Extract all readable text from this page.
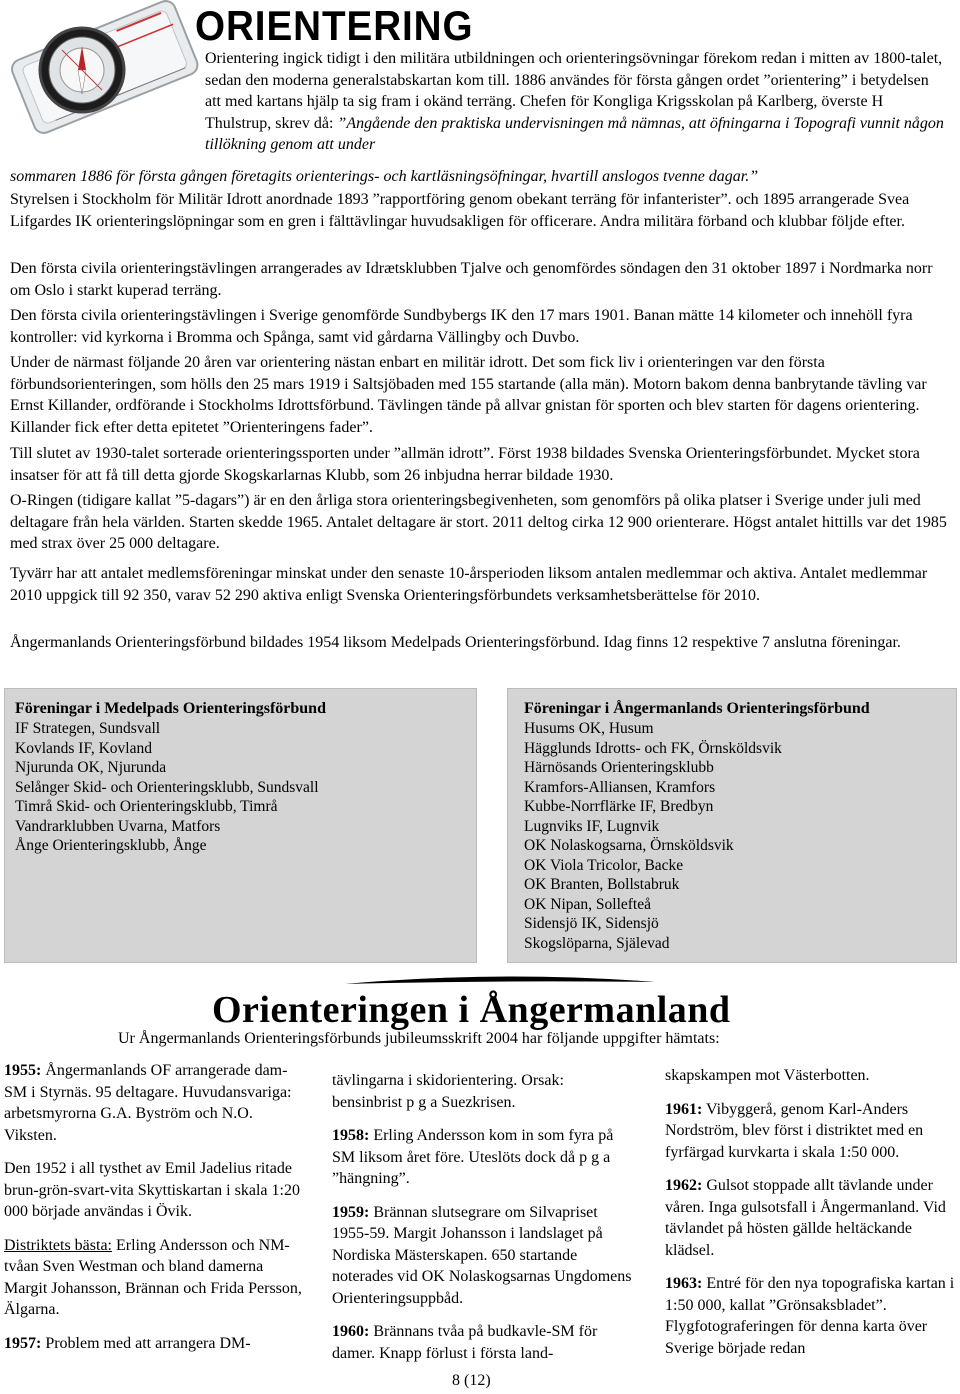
ORIENTERING

Orientering ingick tidigt i den militära utbildningen och orienteringsövningar förekom redan i mitten av 1800-talet, sedan den moderna generalstabskartan kom till. 1886 användes för första gången ordet ”orientering” i betydelsen att med kartans hjälp ta sig fram i okänd terräng. Chefen för Kongliga Krigsskolan på Karlberg, överste H Thulstrup, skrev då: ”Angående den praktiska undervisningen må nämnas, att öfningarna i Topografi vunnit någon tillökning genom att under

sommaren 1886 för första gången företagits orienterings- och kartläsningsöfningar, hvartill anslogos tvenne dagar.”

Styrelsen i Stockholm för Militär Idrott anordnade 1893 ”rapportföring genom obekant terräng för infanterister”. och 1895 arrangerade Svea Lifgardes IK orienteringslöpningar som en gren i fälttävlingar huvudsakligen för officerare. Andra militära förband och klubbar följde efter.

Den första civila orienteringstävlingen arrangerades av Idrætsklubben Tjalve och genomfördes söndagen den 31 oktober 1897 i Nordmarka norr om Oslo i starkt kuperad terräng.

Den första civila orienteringstävlingen i Sverige genomförde Sundbybergs IK den 17 mars 1901. Banan mätte 14 kilometer och innehöll fyra kontroller: vid kyrkorna i Bromma och Spånga, samt vid gårdarna Vällingby och Duvbo.

Under de närmast följande 20 åren var orientering nästan enbart en militär idrott. Det som fick liv i orienteringen var den första förbundsorienteringen, som hölls den 25 mars 1919 i Saltsjöbaden med 155 startande (alla män). Motorn bakom denna banbrytande tävling var Ernst Killander, ordförande i Stockholms Idrottsförbund. Tävlingen tände på allvar gnistan för sporten och blev starten för dagens orientering. Killander fick efter detta epitetet ”Orienteringens fader”.

Till slutet av 1930-talet sorterade orienteringssporten under ”allmän idrott”. Först 1938 bildades Svenska Orienteringsförbundet. Mycket stora insatser för att få till detta gjorde Skogskarlarnas Klubb, som 26 inbjudna herrar bildade 1930.

O-Ringen (tidigare kallat ”5-dagars”) är en den årliga stora orienteringsbegivenheten, som genomförs på olika platser i Sverige under juli med deltagare från hela världen. Starten skedde 1965. Antalet deltagare är stort. 2011 deltog cirka 12 900 orienterare. Högst antalet hittills var det 1985 med strax över 25 000 deltagare.

Tyvärr har att antalet medlemsföreningar minskat under den senaste 10-årsperioden liksom antalen medlemmar och aktiva. Antalet medlemmar 2010 uppgick till 92 350, varav 52 290 aktiva enligt Svenska Orienteringsförbundets verksamhetsberättelse för 2010.

Ångermanlands Orienteringsförbund bildades 1954 liksom Medelpads Orienteringsförbund. Idag finns 12 respektive 7 anslutna föreningar.

Föreningar i Medelpads Orienteringsförbund
IF Strategen, Sundsvall
Kovlands IF, Kovland
Njurunda OK, Njurunda
Selånger Skid- och Orienteringsklubb, Sundsvall
Timrå Skid- och Orienteringsklubb, Timrå
Vandrarklubben Uvarna, Matfors
Ånge Orienteringsklubb, Ånge
Föreningar i Ångermanlands Orienteringsförbund
Husums OK, Husum
Hägglunds Idrotts- och FK, Örnsköldsvik
Härnösands Orienteringsklubb
Kramfors-Alliansen, Kramfors
Kubbe-Norrflärke IF, Bredbyn
Lugnviks IF, Lugnvik
OK Nolaskogsarna, Örnsköldsvik
OK Viola Tricolor, Backe
OK Branten, Bollstabruk
OK Nipan, Sollefteå
Sidensjö IK, Sidensjö
Skogslöparna, Själevad
Orienteringen i Ångermanland
Ur Ångermanlands Orienteringsförbunds jubileumsskrift 2004 har följande uppgifter hämtats:

1955: Ångermanlands OF arrangerade dam-SM i Styrnäs. 95 deltagare. Huvudansvariga: arbetsmyrorna G.A. Byström och N.O. Viksten.

Den 1952 i all tysthet av Emil Jadelius ritade brun-grön-svart-vita Skyttiskartan i skala 1:20 000 började användas i Övik.

Distriktets bästa: Erling Andersson och NM-tvåan Sven Westman och bland damerna Margit Johansson, Brännan och Frida Persson, Älgarna.

1957: Problem med att arrangera DM-

tävlingarna i skidorientering. Orsak: bensinbrist p g a Suezkrisen.

1958: Erling Andersson kom in som fyra på SM liksom året före. Uteslöts dock då p g a ”hängning”.

1959: Brännan slutsegrare om Silvapriset 1955-59. Margit Johansson i landslaget på Nordiska Mästerskapen. 650 startande noterades vid OK Nolaskogsarnas Ungdomens Orienteringsuppbåd.

1960: Brännans tvåa på budkavle-SM för damer. Knapp förlust i första land-

skapskampen mot Västerbotten.

1961: Vibyggerå, genom Karl-Anders Nordström, blev först i distriktet med en fyrfärgad kurvkarta i skala 1:50 000.

1962: Gulsot stoppade allt tävlande under våren. Inga gulsotsfall i Ångermanland. Vid tävlandet på hösten gällde heltäckande klädsel.

1963: Entré för den nya topografiska kartan i 1:50 000, kallat ”Grönsaksbladet”. Flygfotograferingen för denna karta över Sverige började redan

8 (12)
